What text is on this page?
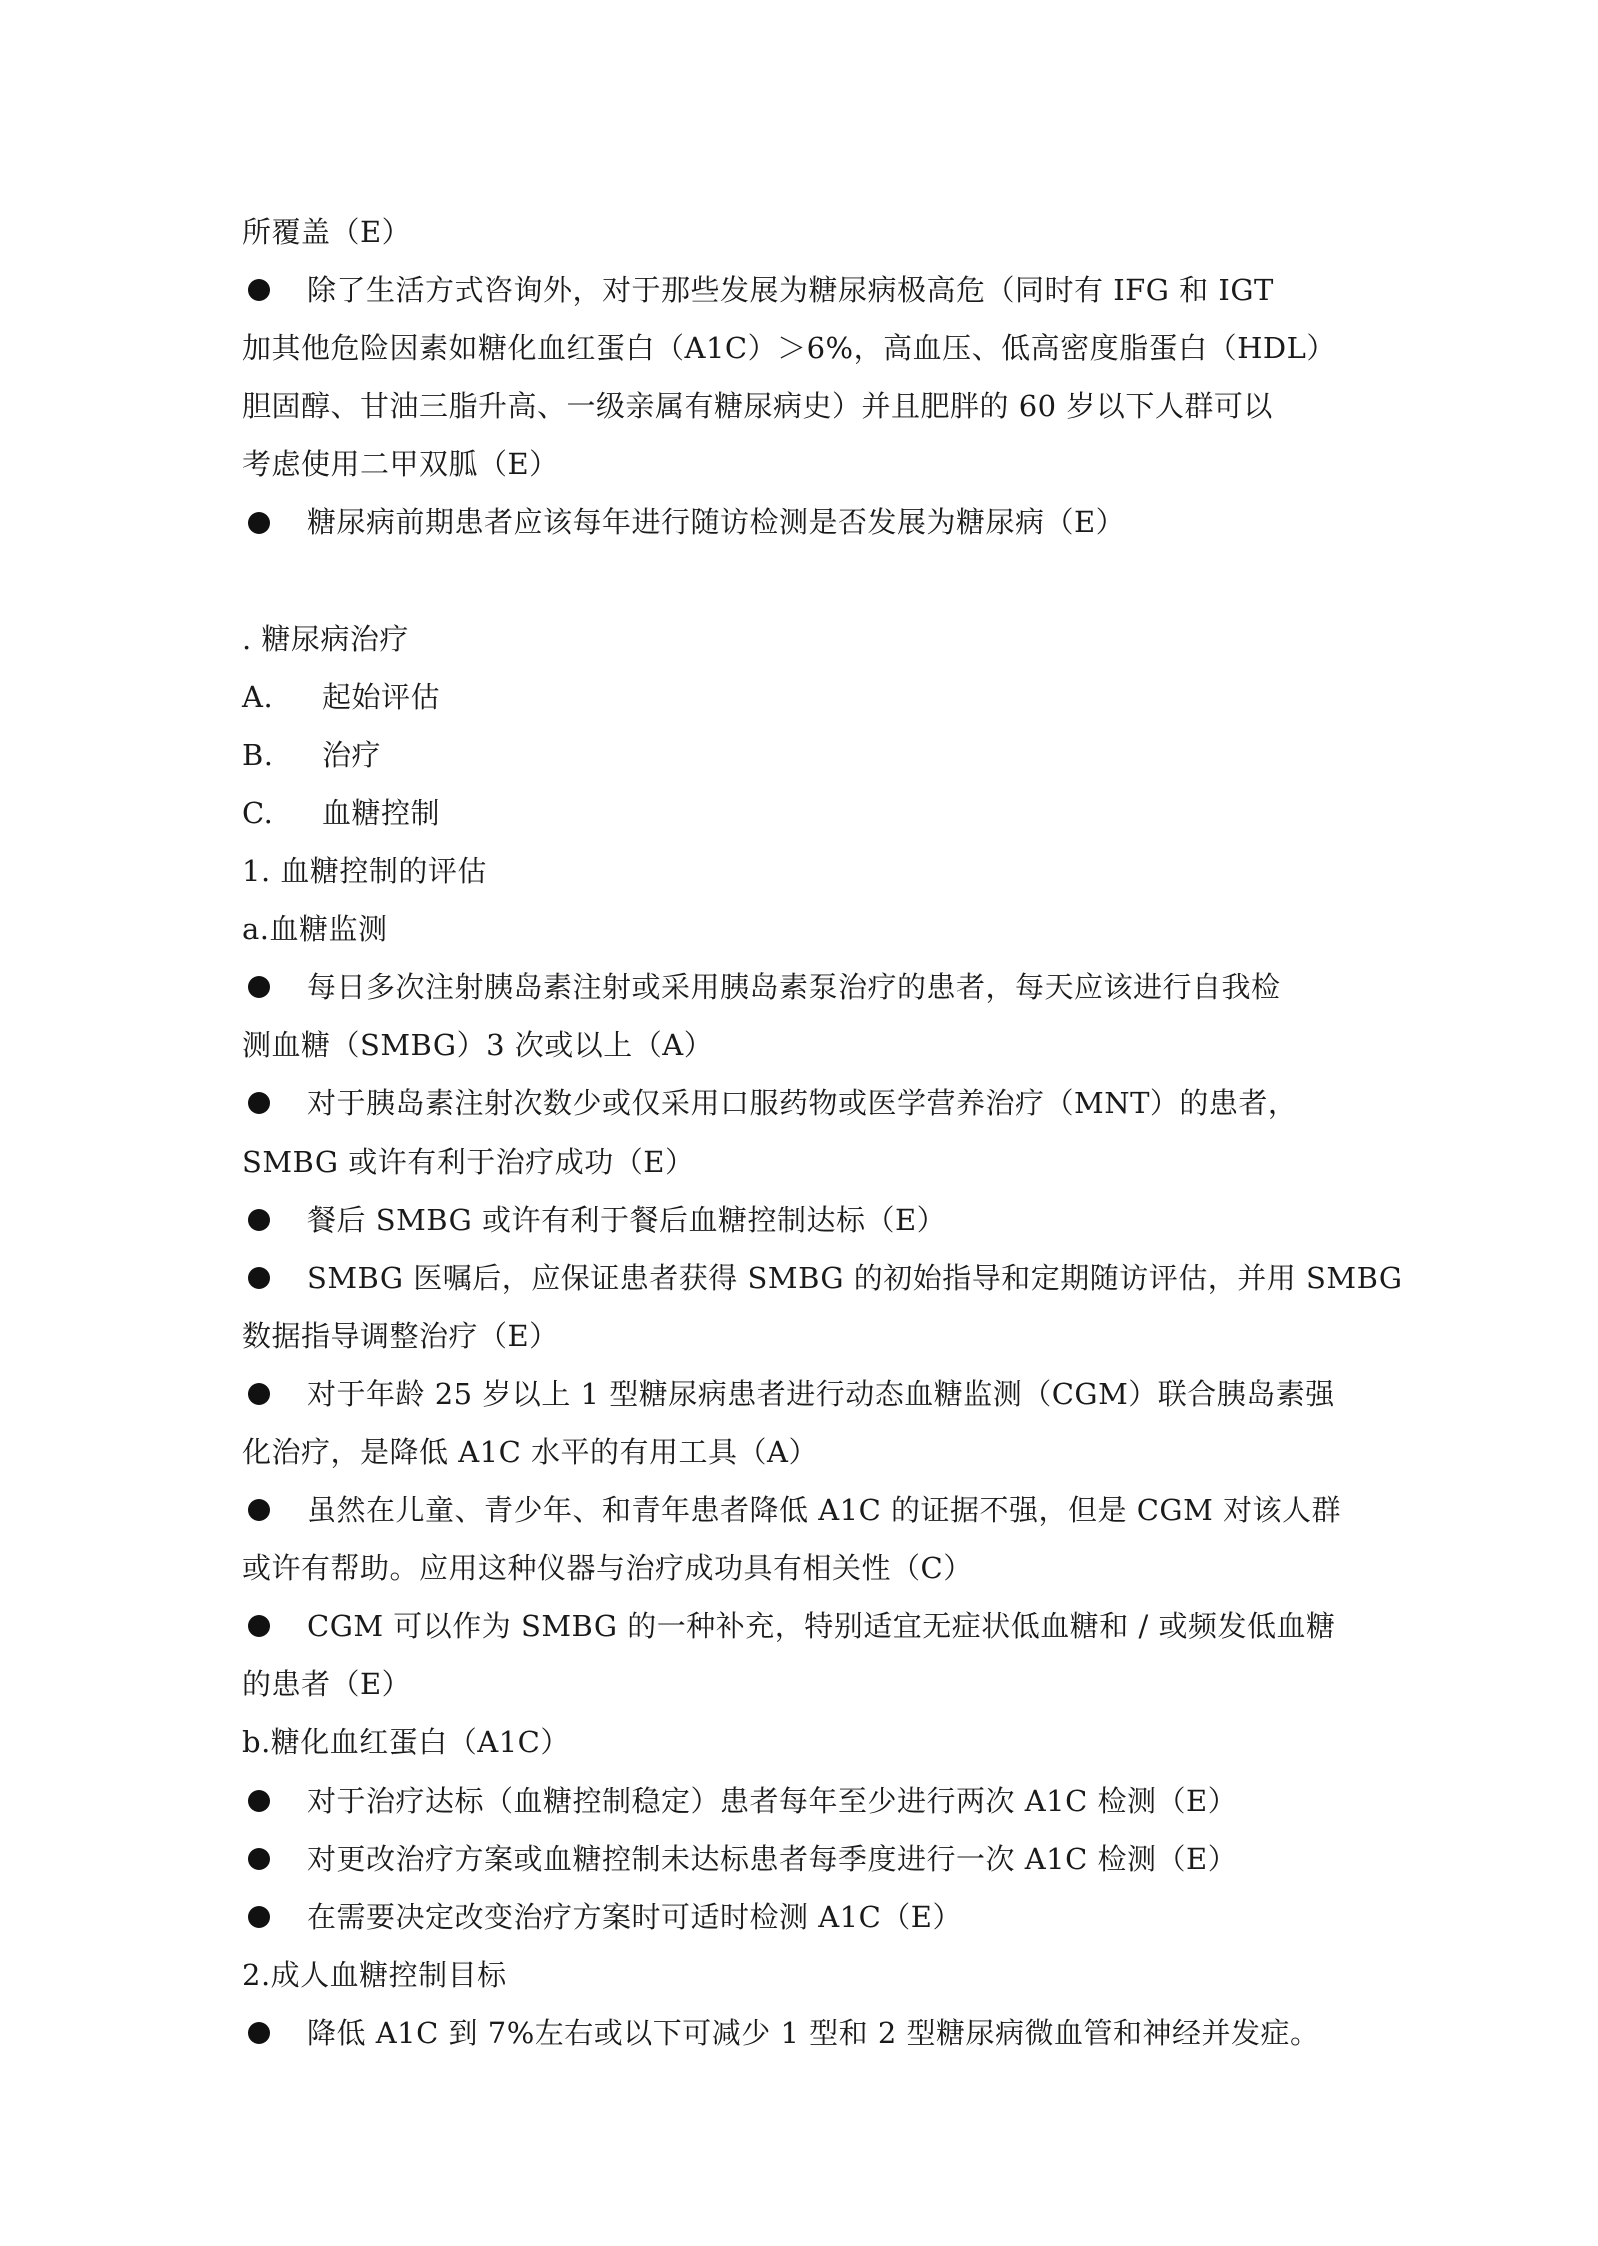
所覆盖（E）
除了生活方式咨询外，对于那些发展为糖尿病极高危（同时有 IFG 和 IGT
加其他危险因素如糖化血红蛋白（A1C）＞6%，高血压、低高密度脂蛋白（HDL）
胆固醇、甘油三脂升高、一级亲属有糖尿病史）并且肥胖的 60 岁以下人群可以
考虑使用二甲双胍（E）
糖尿病前期患者应该每年进行随访检测是否发展为糖尿病（E）
. 糖尿病治疗
A.	起始评估
B.	治疗
C.	血糖控制
1. 血糖控制的评估
a.血糖监测
每日多次注射胰岛素注射或采用胰岛素泵治疗的患者，每天应该进行自我检
测血糖（SMBG）3 次或以上（A）
对于胰岛素注射次数少或仅采用口服药物或医学营养治疗（MNT）的患者，
SMBG 或许有利于治疗成功（E）
餐后 SMBG 或许有利于餐后血糖控制达标（E）
SMBG 医嘱后，应保证患者获得 SMBG 的初始指导和定期随访评估，并用 SMBG
数据指导调整治疗（E）
对于年龄 25 岁以上 1 型糖尿病患者进行动态血糖监测（CGM）联合胰岛素强
化治疗，是降低 A1C 水平的有用工具（A）
虽然在儿童、青少年、和青年患者降低 A1C 的证据不强，但是 CGM 对该人群
或许有帮助。应用这种仪器与治疗成功具有相关性（C）
CGM 可以作为 SMBG 的一种补充，特别适宜无症状低血糖和 / 或频发低血糖
的患者（E）
b.糖化血红蛋白（A1C）
对于治疗达标（血糖控制稳定）患者每年至少进行两次 A1C 检测（E）
对更改治疗方案或血糖控制未达标患者每季度进行一次 A1C 检测（E）
在需要决定改变治疗方案时可适时检测 A1C（E）
2.成人血糖控制目标
降低 A1C 到 7%左右或以下可减少 1 型和 2 型糖尿病微血管和神经并发症。
